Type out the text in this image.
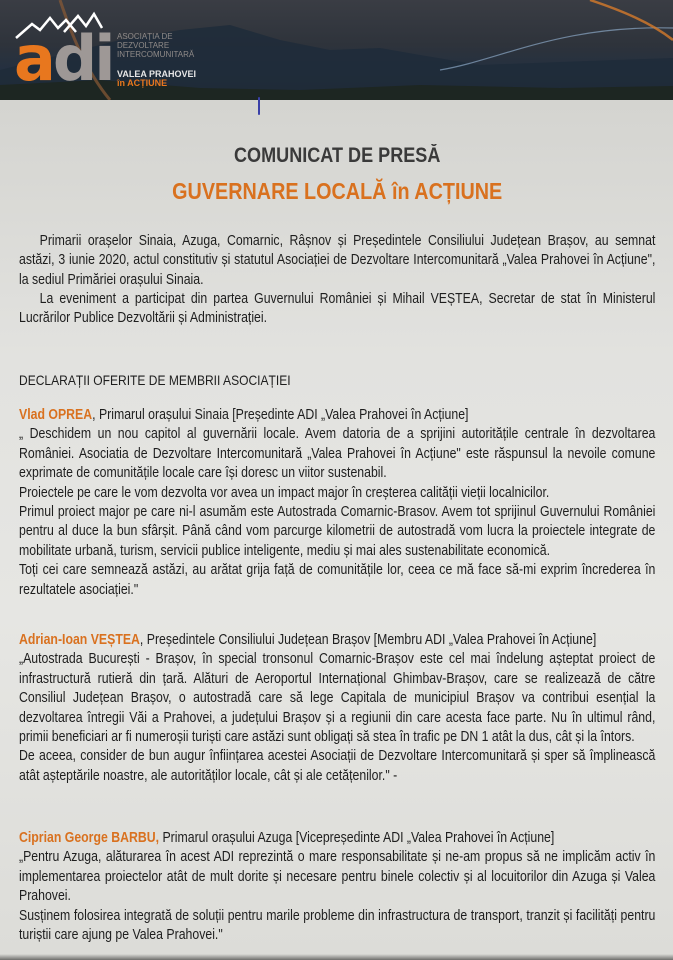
adi ASOCIAȚIA DE
DEZVOLTARE
INTERCOMUNITARĂ
VALEA PRAHOVEI
în ACȚIUNE
COMUNICAT DE PRESĂ
GUVERNARE LOCALĂ în ACȚIUNE
Primarii orașelor Sinaia, Azuga, Comarnic, Râșnov și Președintele Consiliului Județean Brașov, au semnat astăzi, 3 iunie 2020, actul constitutiv și statutul Asociației de Dezvoltare Intercomunitară „Valea Prahovei în Acțiune", la sediul Primăriei orașului Sinaia.
La eveniment a participat din partea Guvernului României și Mihail VEȘTEA, Secretar de stat în Ministerul Lucrărilor Publice Dezvoltării și Administrației.
DECLARAȚII OFERITE DE MEMBRII ASOCIAȚIEI
Vlad OPREA, Primarul orașului Sinaia [Președinte ADI „Valea Prahovei în Acțiune]
„ Deschidem un nou capitol al guvernării locale. Avem datoria de a sprijini autoritățile centrale în dezvoltarea României. Asociatia de Dezvoltare Intercomunitară „Valea Prahovei în Acțiune" este răspunsul la nevoile comune exprimate de comunitățile locale care își doresc un viitor sustenabil.
Proiectele pe care le vom dezvolta vor avea un impact major în creșterea calității vieții localnicilor.
Primul proiect major pe care ni-l asumăm este Autostrada Comarnic-Brasov. Avem tot sprijinul Guvernului României pentru al duce la bun sfârșit. Până când vom parcurge kilometrii de autostradă vom lucra la proiectele integrate de mobilitate urbană, turism, servicii publice inteligente, mediu și mai ales sustenabilitate economică.
Toți cei care semnează astăzi, au arătat grija față de comunitățile lor, ceea ce mă face să-mi exprim încrederea în rezultatele asociației."
Adrian-Ioan VEȘTEA, Președintele Consiliului Județean Brașov [Membru ADI „Valea Prahovei în Acțiune]
„Autostrada București - Brașov, în special tronsonul Comarnic-Brașov este cel mai îndelung așteptat proiect de infrastructură rutieră din țară. Alături de Aeroportul Internațional Ghimbav-Brașov, care se realizează de către Consiliul Județean Brașov, o autostradă care să lege Capitala de municipiul Brașov va contribui esențial la dezvoltarea întregii Văi a Prahovei, a județului Brașov și a regiunii din care acesta face parte. Nu în ultimul rând, primii beneficiari ar fi numeroșii turiști care astăzi sunt obligați să stea în trafic pe DN 1 atât la dus, cât și la întors.
De aceea, consider de bun augur înființarea acestei Asociații de Dezvoltare Intercomunitară și sper să împlinească atât așteptările noastre, ale autorităților locale, cât și ale cetățenilor." -
Ciprian George BARBU, Primarul orașului Azuga [Vicepreședinte ADI „Valea Prahovei în Acțiune]
„Pentru Azuga, alăturarea în acest ADI reprezintă o mare responsabilitate și ne-am propus să ne implicăm activ în implementarea proiectelor atât de mult dorite și necesare pentru binele colectiv și al locuitorilor din Azuga și Valea Prahovei.
Susținem folosirea integrată de soluții pentru marile probleme din infrastructura de transport, tranzit și facilități pentru turiștii care ajung pe Valea Prahovei."
